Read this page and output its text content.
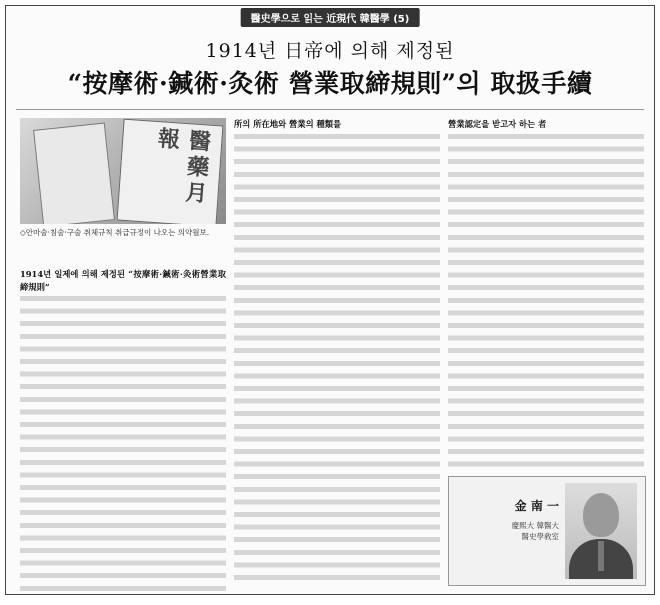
醫史學으로 읽는 近現代 韓醫學 (5)
1914년 日帝에 의해 제정된
“按摩術·鍼術·灸術 營業取締規則”의 取扱手續
醫藥月報
◇안마술·침술·구술 취체규칙 취급규정이 나오는 의약월보.
1914년 일제에 의해 제정된 “按摩術·鍼術·灸術營業取締規則”
所의 所在地와 營業의 種類를	營業認定을 받고자 하는 者
金 南 一
慶熙大 韓醫大
醫史學敎室
